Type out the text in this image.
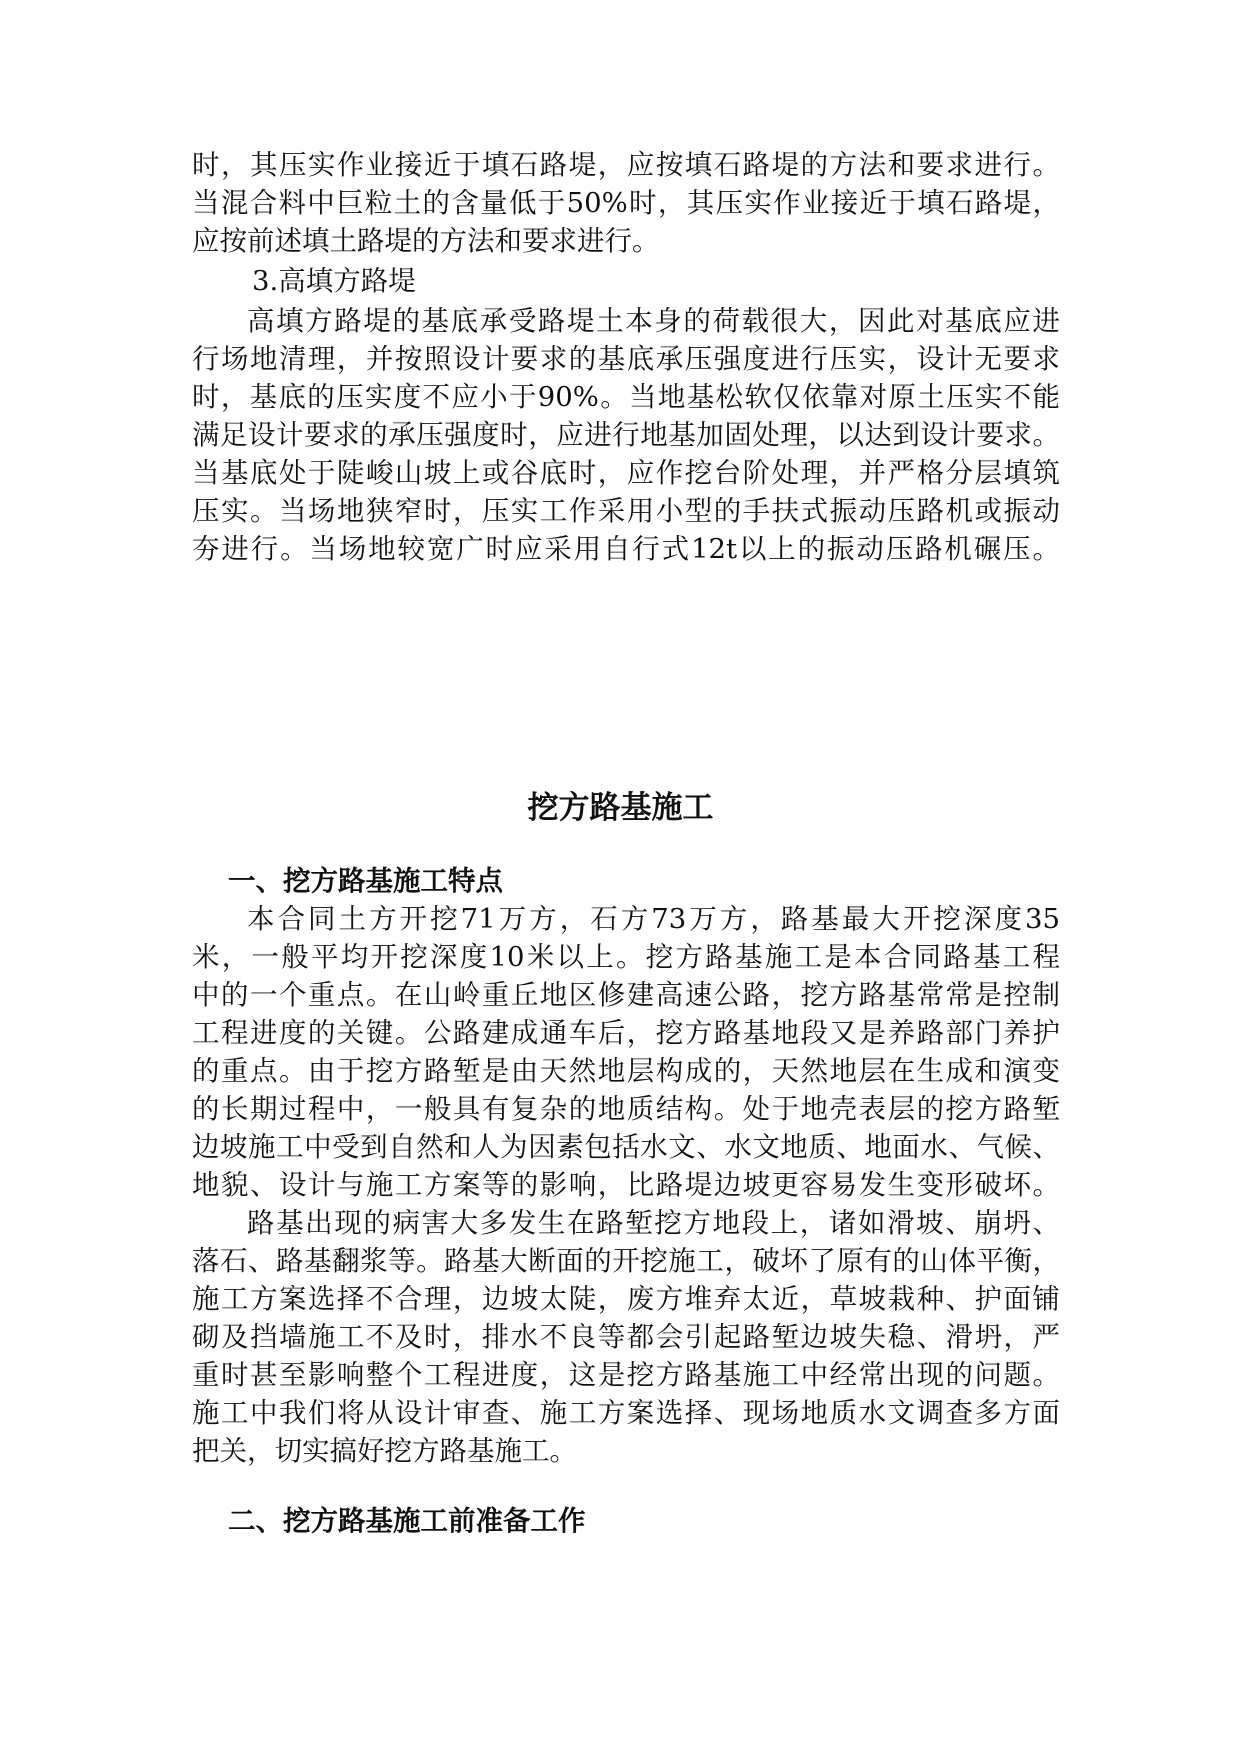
时，其压实作业接近于填石路堤，应按填石路堤的方法和要求进行。
当混合料中巨粒土的含量低于50%时，其压实作业接近于填石路堤，
应按前述填土路堤的方法和要求进行。
3.高填方路堤
高填方路堤的基底承受路堤土本身的荷载很大，因此对基底应进
行场地清理，并按照设计要求的基底承压强度进行压实，设计无要求
时，基底的压实度不应小于90%。当地基松软仅依靠对原土压实不能
满足设计要求的承压强度时，应进行地基加固处理，以达到设计要求。
当基底处于陡峻山坡上或谷底时，应作挖台阶处理，并严格分层填筑
压实。当场地狭窄时，压实工作采用小型的手扶式振动压路机或振动
夯进行。当场地较宽广时应采用自行式12t以上的振动压路机碾压。
挖方路基施工
一、挖方路基施工特点
本合同土方开挖71万方，石方73万方，路基最大开挖深度35
米，一般平均开挖深度10米以上。挖方路基施工是本合同路基工程
中的一个重点。在山岭重丘地区修建高速公路，挖方路基常常是控制
工程进度的关键。公路建成通车后，挖方路基地段又是养路部门养护
的重点。由于挖方路堑是由天然地层构成的，天然地层在生成和演变
的长期过程中，一般具有复杂的地质结构。处于地壳表层的挖方路堑
边坡施工中受到自然和人为因素包括水文、水文地质、地面水、气候、
地貌、设计与施工方案等的影响，比路堤边坡更容易发生变形破坏。
路基出现的病害大多发生在路堑挖方地段上，诸如滑坡、崩坍、
落石、路基翻浆等。路基大断面的开挖施工，破坏了原有的山体平衡，
施工方案选择不合理，边坡太陡，废方堆弃太近，草坡栽种、护面铺
砌及挡墙施工不及时，排水不良等都会引起路堑边坡失稳、滑坍，严
重时甚至影响整个工程进度，这是挖方路基施工中经常出现的问题。
施工中我们将从设计审查、施工方案选择、现场地质水文调查多方面
把关，切实搞好挖方路基施工。
二、挖方路基施工前准备工作
